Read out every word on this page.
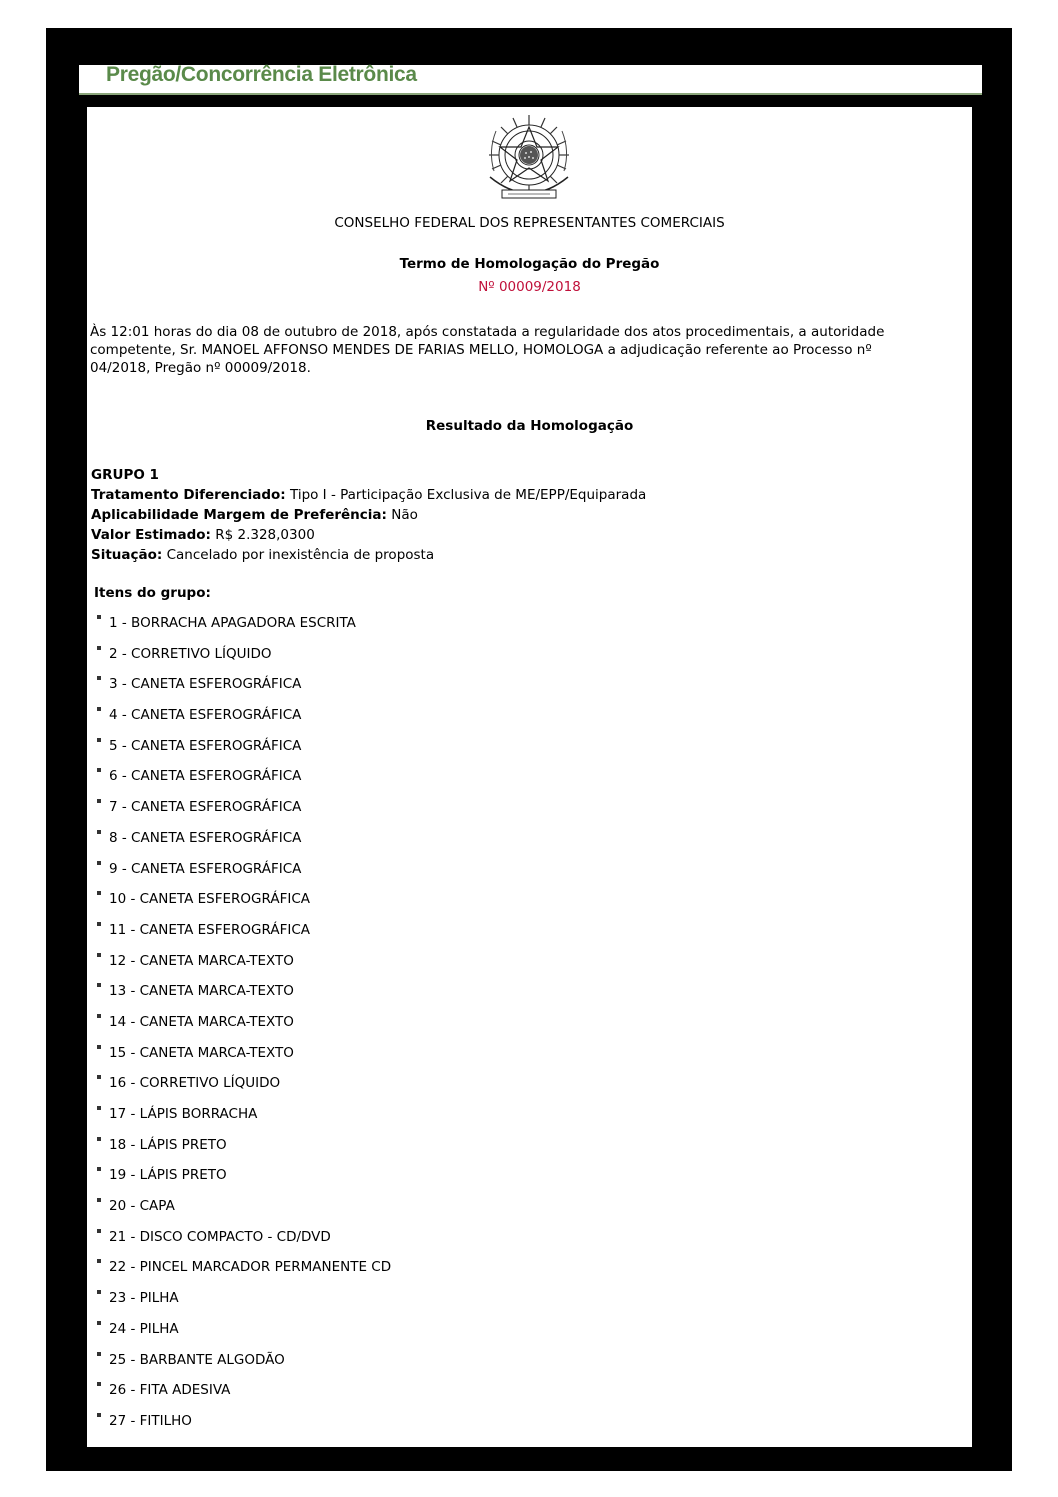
Pregão/Concorrência Eletrônica
CONSELHO FEDERAL DOS REPRESENTANTES COMERCIAIS
Termo de Homologação do Pregão
Nº 00009/2018
Às 12:01 horas do dia 08 de outubro de 2018, após constatada a regularidade dos atos procedimentais, a autoridade
competente, Sr. MANOEL AFFONSO MENDES DE FARIAS MELLO, HOMOLOGA a adjudicação referente ao Processo nº
04/2018, Pregão nº 00009/2018.
Resultado da Homologação
GRUPO 1
Tratamento Diferenciado: Tipo I - Participação Exclusiva de ME/EPP/Equiparada
Aplicabilidade Margem de Preferência: Não
Valor Estimado: R$ 2.328,0300
Situação: Cancelado por inexistência de proposta
Itens do grupo:
1 - BORRACHA APAGADORA ESCRITA
2 - CORRETIVO LÍQUIDO
3 - CANETA ESFEROGRÁFICA
4 - CANETA ESFEROGRÁFICA
5 - CANETA ESFEROGRÁFICA
6 - CANETA ESFEROGRÁFICA
7 - CANETA ESFEROGRÁFICA
8 - CANETA ESFEROGRÁFICA
9 - CANETA ESFEROGRÁFICA
10 - CANETA ESFEROGRÁFICA
11 - CANETA ESFEROGRÁFICA
12 - CANETA MARCA-TEXTO
13 - CANETA MARCA-TEXTO
14 - CANETA MARCA-TEXTO
15 - CANETA MARCA-TEXTO
16 - CORRETIVO LÍQUIDO
17 - LÁPIS BORRACHA
18 - LÁPIS PRETO
19 - LÁPIS PRETO
20 - CAPA
21 - DISCO COMPACTO - CD/DVD
22 - PINCEL MARCADOR PERMANENTE CD
23 - PILHA
24 - PILHA
25 - BARBANTE ALGODÃO
26 - FITA ADESIVA
27 - FITILHO
